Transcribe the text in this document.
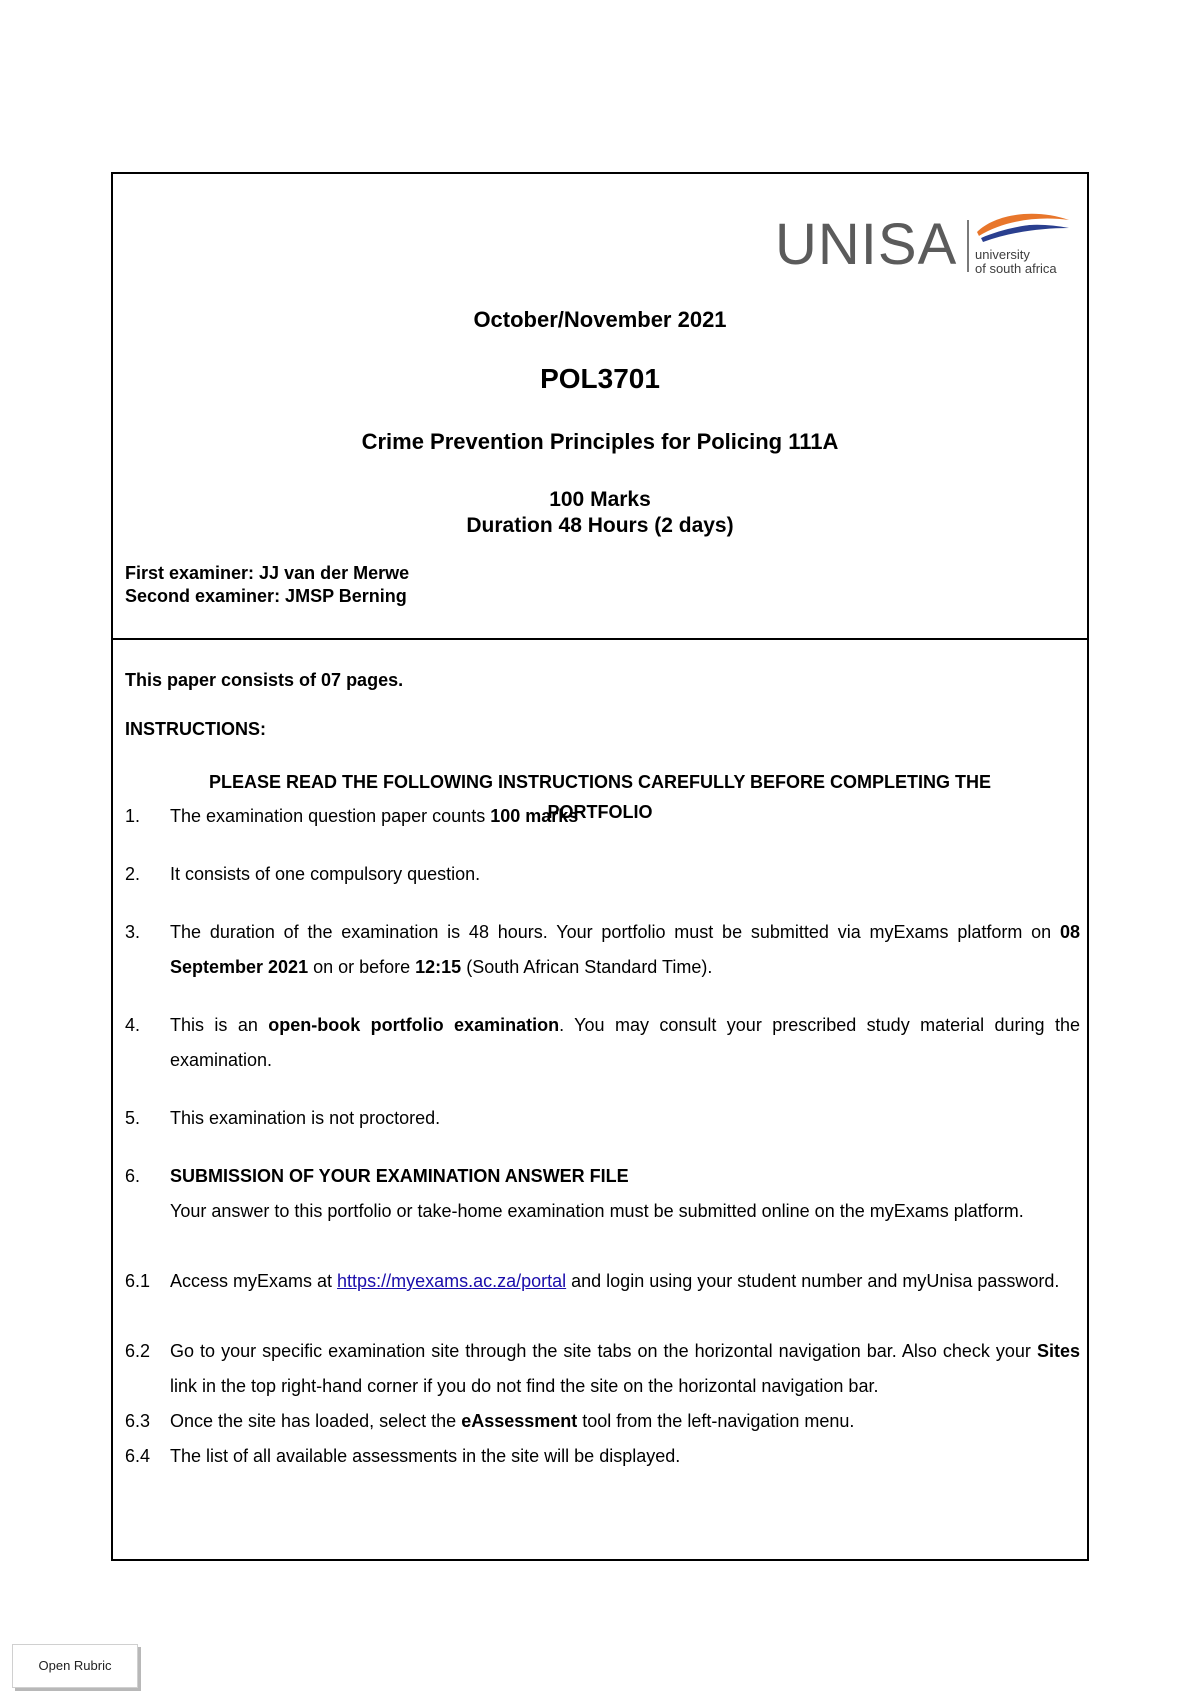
UNISA university
of south africa
October/November 2021
POL3701
Crime Prevention Principles for Policing 111A
100 Marks
Duration 48 Hours (2 days)
First examiner: JJ van der Merwe
Second examiner: JMSP Berning
This paper consists of 07 pages.
INSTRUCTIONS:
PLEASE READ THE FOLLOWING INSTRUCTIONS CAREFULLY BEFORE COMPLETING THE
PORTFOLIO
1.	The examination question paper counts 100 marks
2.	It consists of one compulsory question.
3.	The duration of the examination is 48 hours. Your portfolio must be submitted via myExams platform on 08 September 2021 on or before 12:15 (South African Standard Time).
4.	This is an open-book portfolio examination. You may consult your prescribed study material during the examination.
5.	This examination is not proctored.
6.	SUBMISSION OF YOUR EXAMINATION ANSWER FILE
Your answer to this portfolio or take-home examination must be submitted online on the myExams platform.
6.1	Access myExams at https://myexams.ac.za/portal and login using your student number and myUnisa password.
6.2	Go to your specific examination site through the site tabs on the horizontal navigation bar. Also check your Sites link in the top right-hand corner if you do not find the site on the horizontal navigation bar.
6.3	Once the site has loaded, select the eAssessment tool from the left-navigation menu.
6.4	The list of all available assessments in the site will be displayed.
Open Rubric
